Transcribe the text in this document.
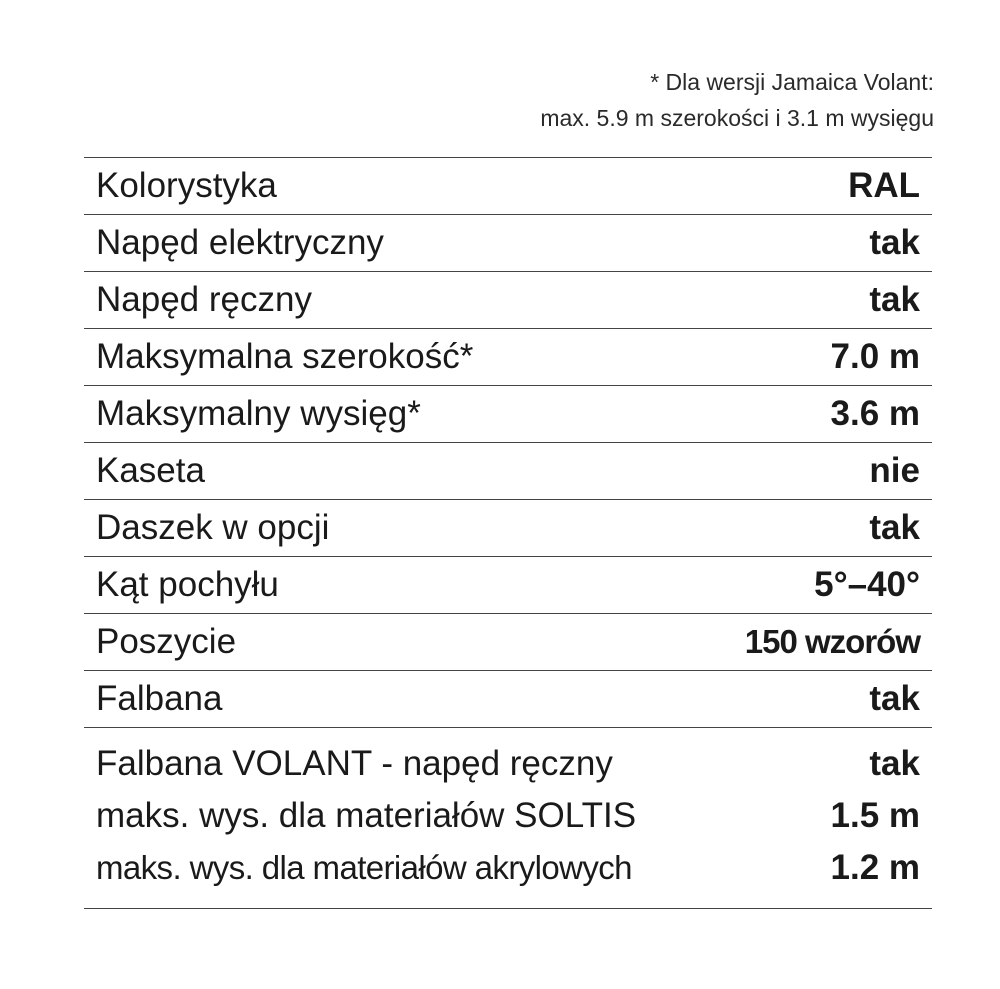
* Dla wersji Jamaica Volant:
max. 5.9 m szerokości i 3.1 m wysięgu
Kolorystyka	RAL
Napęd elektryczny	tak
Napęd ręczny	tak
Maksymalna szerokość*	7.0 m
Maksymalny wysięg*	3.6 m
Kaseta	nie
Daszek w opcji	tak
Kąt pochyłu	5°–40°
Poszycie	150 wzorów
Falbana	tak
Falbana VOLANT - napęd ręczny	tak
maks. wys. dla materiałów SOLTIS	1.5 m
maks. wys. dla materiałów akrylowych	1.2 m
